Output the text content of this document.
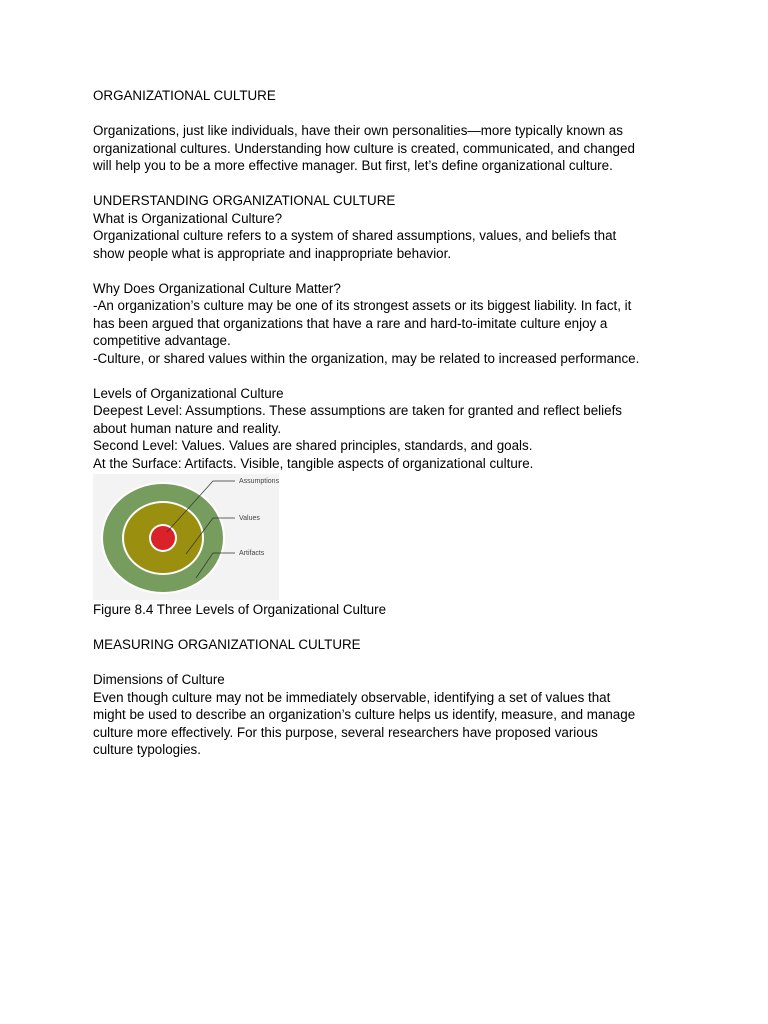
ORGANIZATIONAL CULTURE

Organizations, just like individuals, have their own personalities—more typically known as

organizational cultures. Understanding how culture is created, communicated, and changed

will help you to be a more effective manager. But first, let’s define organizational culture.

UNDERSTANDING ORGANIZATIONAL CULTURE

What is Organizational Culture?

Organizational culture refers to a system of shared assumptions, values, and beliefs that

show people what is appropriate and inappropriate behavior.

Why Does Organizational Culture Matter?

-An organization’s culture may be one of its strongest assets or its biggest liability. In fact, it

has been argued that organizations that have a rare and hard-to-imitate culture enjoy a

competitive advantage.

-Culture, or shared values within the organization, may be related to increased performance.

Levels of Organizational Culture

Deepest Level: Assumptions. These assumptions are taken for granted and reflect beliefs

about human nature and reality.

Second Level: Values. Values are shared principles, standards, and goals.

At the Surface: Artifacts. Visible, tangible aspects of organizational culture.

Assumptions
Values
Artifacts

Figure 8.4 Three Levels of Organizational Culture

MEASURING ORGANIZATIONAL CULTURE

Dimensions of Culture

Even though culture may not be immediately observable, identifying a set of values that

might be used to describe an organization’s culture helps us identify, measure, and manage

culture more effectively. For this purpose, several researchers have proposed various

culture typologies.
